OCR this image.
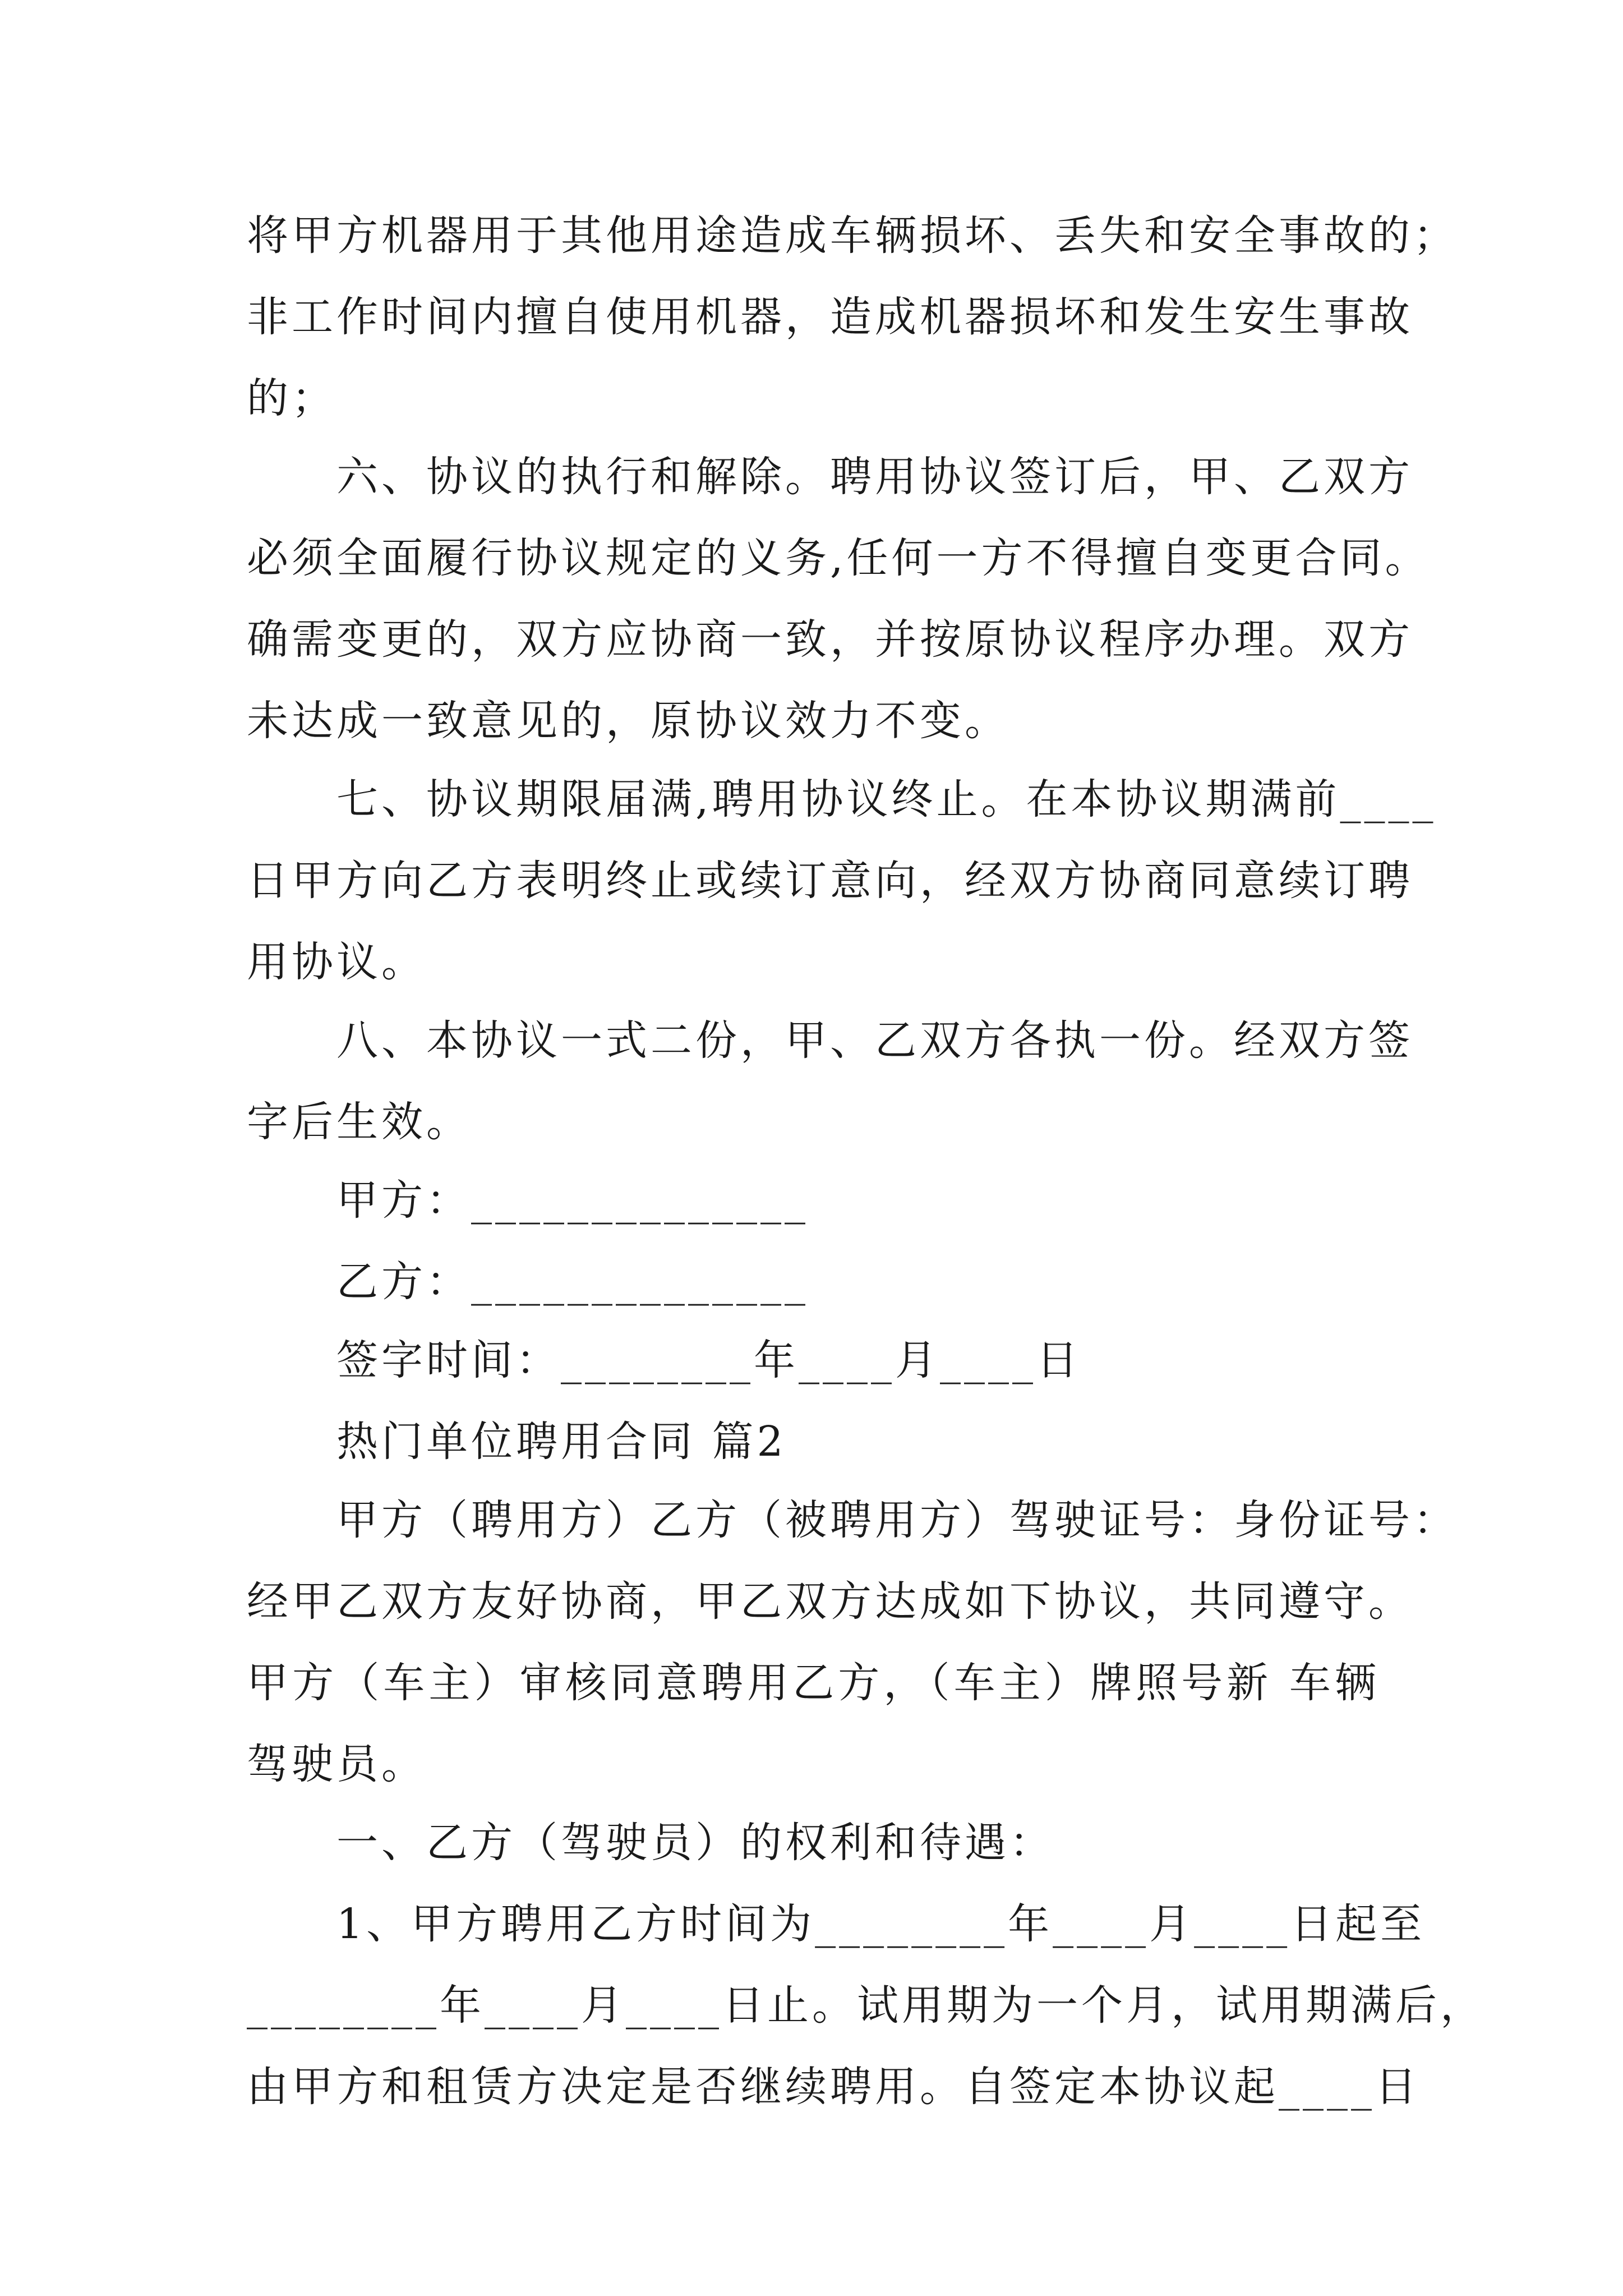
将甲方机器用于其他用途造成车辆损坏、丢失和安全事故的；
非工作时间内擅自使用机器，造成机器损坏和发生安生事故
的；
六、协议的执行和解除。聘用协议签订后，甲、乙双方
必须全面履行协议规定的义务,任何一方不得擅自变更合同。
确需变更的，双方应协商一致，并按原协议程序办理。双方
未达成一致意见的，原协议效力不变。
七、协议期限届满,聘用协议终止。在本协议期满前____
日甲方向乙方表明终止或续订意向，经双方协商同意续订聘
用协议。
八、本协议一式二份，甲、乙双方各执一份。经双方签
字后生效。
甲方：______________
乙方：______________
签字时间：________年____月____日
热门单位聘用合同 篇2
甲方（聘用方）乙方（被聘用方）驾驶证号：身份证号：
经甲乙双方友好协商，甲乙双方达成如下协议，共同遵守。
甲方（车主）审核同意聘用乙方，（车主）牌照号新 车辆
驾驶员。
一、乙方（驾驶员）的权利和待遇：
1、甲方聘用乙方时间为________年____月____日起至
________年____月____日止。试用期为一个月，试用期满后，
由甲方和租赁方决定是否继续聘用。自签定本协议起____日
